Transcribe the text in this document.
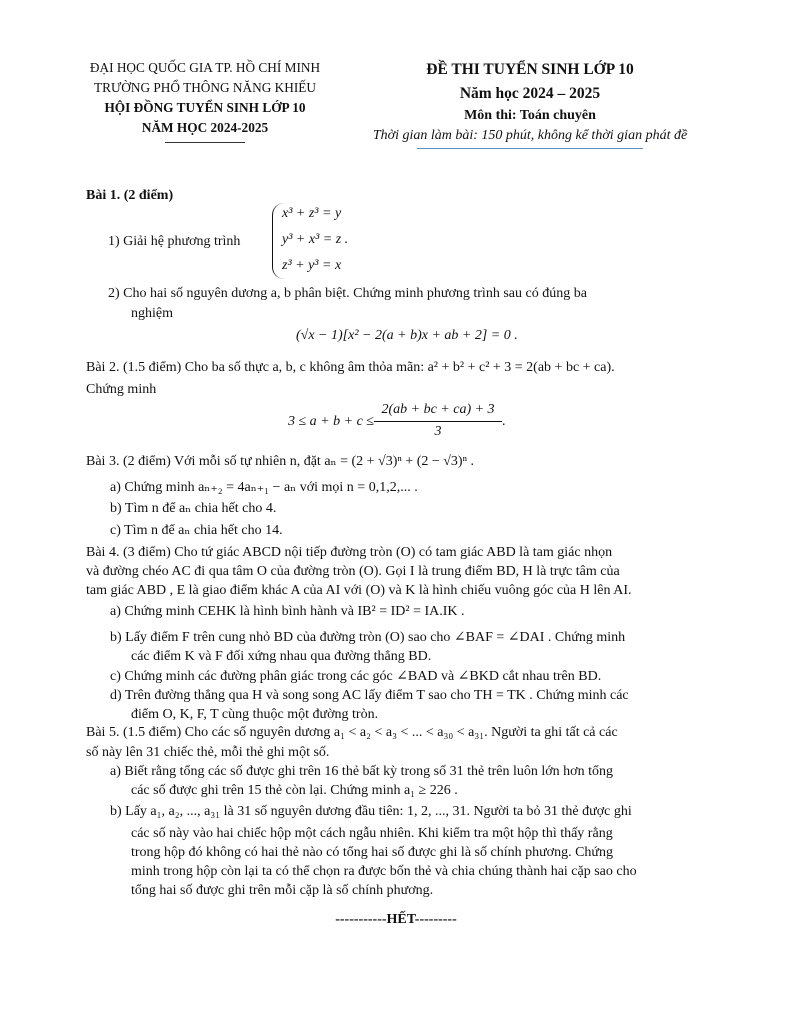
ĐẠI HỌC QUỐC GIA TP. HỒ CHÍ MINH
TRƯỜNG PHỔ THÔNG NĂNG KHIẾU
HỘI ĐỒNG TUYỂN SINH LỚP 10
NĂM HỌC 2024-2025
ĐỀ THI TUYỂN SINH LỚP 10
Năm học 2024 – 2025
Môn thi: Toán chuyên
Thời gian làm bài: 150 phút, không kể thời gian phát đề
Bài 1. (2 điểm)
1) Giải hệ phương trình
x³ + z³ = y
y³ + x³ = z .
z³ + y³ = x
2) Cho hai số nguyên dương a, b phân biệt. Chứng minh phương trình sau có đúng ba
nghiệm
(√x − 1)[x² − 2(a + b)x + ab + 2] = 0 .
Bài 2. (1.5 điểm) Cho ba số thực a, b, c không âm thỏa mãn: a² + b² + c² + 3 = 2(ab + bc + ca).
Chứng minh
$3 \le a + b + c \le \frac{2(ab + bc + ca) + 3}{3}$ .
Bài 3. (2 điểm) Với mỗi số tự nhiên n, đặt aₙ = (2 + √3)ⁿ + (2 − √3)ⁿ .
a) Chứng minh aₙ₊₂ = 4aₙ₊₁ − aₙ với mọi n = 0,1,2,... .
b) Tìm n để aₙ chia hết cho 4.
c) Tìm n để aₙ chia hết cho 14.
Bài 4. (3 điểm) Cho tứ giác ABCD nội tiếp đường tròn (O) có tam giác ABD là tam giác nhọn
và đường chéo AC đi qua tâm O của đường tròn (O). Gọi I là trung điểm BD, H là trực tâm của
tam giác ABD , E là giao điểm khác A của AI với (O) và K là hình chiếu vuông góc của H lên AI.
a) Chứng minh CEHK là hình bình hành và IB² = ID² = IA.IK .
b) Lấy điểm F trên cung nhỏ BD của đường tròn (O) sao cho ∠BAF = ∠DAI . Chứng minh
các điểm K và F đối xứng nhau qua đường thẳng BD.
c) Chứng minh các đường phân giác trong các góc ∠BAD và ∠BKD cắt nhau trên BD.
d) Trên đường thẳng qua H và song song AC lấy điểm T sao cho TH = TK . Chứng minh các
điểm O, K, F, T cùng thuộc một đường tròn.
Bài 5. (1.5 điểm) Cho các số nguyên dương a₁ < a₂ < a₃ < ... < a₃₀ < a₃₁. Người ta ghi tất cả các
số này lên 31 chiếc thẻ, mỗi thẻ ghi một số.
a) Biết rằng tổng các số được ghi trên 16 thẻ bất kỳ trong số 31 thẻ trên luôn lớn hơn tổng
các số được ghi trên 15 thẻ còn lại. Chứng minh a₁ ≥ 226 .
b) Lấy a₁, a₂, ..., a₃₁ là 31 số nguyên dương đầu tiên: 1, 2, ..., 31. Người ta bỏ 31 thẻ được ghi
các số này vào hai chiếc hộp một cách ngẫu nhiên. Khi kiểm tra một hộp thì thấy rằng
trong hộp đó không có hai thẻ nào có tổng hai số được ghi là số chính phương. Chứng
minh trong hộp còn lại ta có thể chọn ra được bốn thẻ và chia chúng thành hai cặp sao cho
tổng hai số được ghi trên mỗi cặp là số chính phương.
-----------HẾT---------
